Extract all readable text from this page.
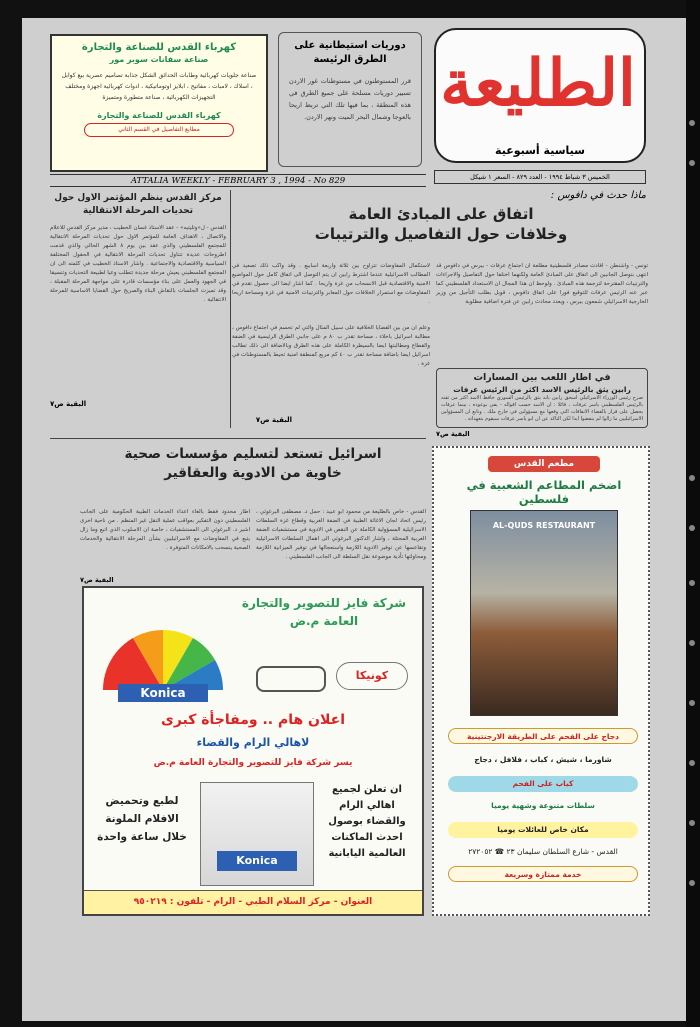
الطليعة
سياسية أسبوعية
الخميس ٣ شباط ١٩٩٤ - العدد ٨٢٩ - السعر ١ شيكل
دوريات استيطانية على الطرق الرئيسة
قرر المستوطنون في مستوطنات غور الاردن تسيير دوريات مسلحة على جميع الطرق في هذه المنطقة ، بما فيها تلك التي تربط اريحا بالعوجا وشمال البحر الميت ونهر الاردن.
كهرباء القدس للصناعة والتجارة
صناعة سفانات سوبر مور
صناعة جلويات كهربائية وطابات الحدائق الشكل جذابة تصاميم عصرية بيع كوابل ، اسلاك ، لامبات ، مفاتيح ، ابلايز اوتوماتيكية ، ادوات كهربائية اجهزة ومختلف التجهيزات الكهربائية ، صناعة متطورة ومتميزة
كهرباء القدس للصناعة والتجارة
مطابع التفاصيل في القسم الثاني
ATTALIA WEEKLY - FEBRUARY 3 , 1994 - No 829
ماذا حدث في دافوس :
اتفاق على المبادئ العامة
وخلافات حول التفاصيل والترتيبات
تونس - واشنطن - افادت مصادر فلسطينية مطلعة ان اجتماع عرفات - بيرس في دافوس قد انتهى بتوصل الجانبين الى اتفاق على المبادئ العامة ولكنهما اختلفا حول التفاصيل والاجراءات والترتيبات المقترحة لترجمة هذه المبادئ . ولوحظ ان هذا المجال ان الاستعداد الفلسطيني كما عبر عنه الرئيس عرفات للتوقيع فورا على اتفاق دافوس ، قوبل بطلب التأجيل من وزير الخارجية الاسرائيلي شمعون بيرس ، ويعدد محادث رابين عن فترة اضافية مطلوبة
لاستكمال المفاوضات تتراوح بين ثلاثة واربعة اسابيع . وقد واكب ذلك تصعيد في المطالب الاسرائيلية عندما اشترط رابين ان يتم التوصل الى اتفاق كامل حول المواضيع الامنية والاقتصادية قبل الانسحاب من غزة واريحا . كما اشار ايضا الى حصول تقدم في المفاوضات مع استمرار الخلافات حول المعابر والترتيبات الامنية في غزة ومساحة اريحا .
وعلم ان من بين القضايا الخلافية على سبيل المثال والتي لم تحسم في اجتماع دافوس ، مطالبة اسرائيل باخلاء ، مساحة تقدر ب ٨٠ م على جانبي الطرق الرئيسية في الضفة والقطاع ومطالبتها ايضا بالسيطرة الكاملة على هذه الطرق وبالاضافة الى ذلك تطالب اسرائيل ايضا باضافة مساحة تقدر ب ٤٠ كم مربع كمنطقة امنية تحيط بالمستوطنات في غزة .
البقية ص٧
في اطار اللعب بين المسارات
رابين يثق بالرئيس الاسد اكثر من الرئيس عرفات
صرح رئيس الوزراء الاسرائيلي اسحق رابين بانه يثق بالرئيس السوري حافظ الاسد اكثر من ثقته بالرئيس الفلسطيني ياسر عرفات ، قائلا : ان الاسد حسب اقواله - يفي بوعوده ، بينما عرفات يحصل على قرار بالقضاء الاتفاقات التي وقعها مع مسؤولين في خارج ملك . وتابع ان المسؤولين الاسرائيليين ما زالوا لم ينفضوا ايدا لكن التاكد عن ان ابو ياسر عرفات سيقوم بتعهداته .
البقية ص٧
مركز القدس ينظم المؤتمر الاول حول تحديات المرحلة الانتقالية
القدس - ل«وتليتيه» - عقد الاستاذ غسان الخطيب ، مدير مركز القدس للاعلام والاتصال ، الاهداف العامة للمؤتمر الاول حول تحديات المرحلة الانتقالية للمجتمع الفلسطيني والذي عقد بين يوم ٨ الشهر الحالي والذي قدمت اطروحات عديدة تتناول تحديات المرحلة الانتقالية في الحقول المختلفة السياسية والاقتصادية والاجتماعية . واشار الاستاذ الخطيب في كلمته الى ان المجتمع الفلسطيني يعيش مرحلة جديدة تتطلب وعيا لطبيعة التحديات وتنسيقا في الجهود والعمل على بناء مؤسسات قادرة على مواجهة المرحلة المقبلة ، وقد تميزت الجلسات بالنقاش البناء والصريح حول القضايا الاساسية للمرحلة الانتقالية .
البقية ص٧
اسرائيل تستعد لتسليم مؤسسات صحية
خاوية من الادوية والعقاقير
القدس - خاص بالطليعة من محمود ابو عبيد : حمل د. مصطفى البرغوثي ، رئيس اتحاد لجان الاغاثة الطبية في الضفة الغربية وقطاع غزة السلطات الاسرائيلية المسؤولية الكاملة عن النقص في الادوية في مستشفيات الضفة الغربية المحتلة ، واشار الدكتور البرغوثي الى اهمال السلطات الاسرائيلية وتقاعسها عن توفير الادوية اللازمة واستعجالها في توفير الميزانية اللازمة ومحاولتها تأدية موضوعة نقل السلطة الى الجانب الفلسطيني .
اطار محدود فقط بالغاء اعداء الخدمات الطبية الحكومية على الجانب الفلسطيني دون التفكير بعواقب عملية النقل غير المنظم . من ناحية اخرى اشير د. البرغوثي الى المستشفيات ، خاصة ان الاسلوب الذي اتبع وما زال يتبع في المفاوضات مع الاسرائيليين بشأن المرحلة الانتقالية والخدمات الصحية ينسحب بالامكانات المتوفرة .
البقية ص٧
شركة فايز للتصوير والتجارة العامة م.ض
Konica
كونيكا
اعلان هام .. ومفاجأة كبرى
لاهالي الرام والقضاء
يسر شركة فايز للتصوير والتجارة العامة م.ض
ان تعلن لجميع اهالي الرام والقضاء بوصول احدث الماكنات العالمية اليابانية
Konica
لطبع وتحميض الافلام الملونة خلال ساعة واحدة
العنوان - مركز السلام الطبي - الرام - تلفون : ٩٥٠٢١٩
مطعم القدس
اضخم المطاعم الشعبية في فلسطين
AL-QUDS RESTAURANT
دجاج على الفحم على الطريقة الارجنتينية
شاورما ، شيش ، كباب ، فلافل ، دجاج
كباب على الفحم
سلطات متنوعة وشهية يوميا
مكان خاص للعائلات يوميا
القدس - شارع السلطان سليمان ٢٣ ☎ ٢٧٢٠٥٢
خدمة ممتازة وسريعة
